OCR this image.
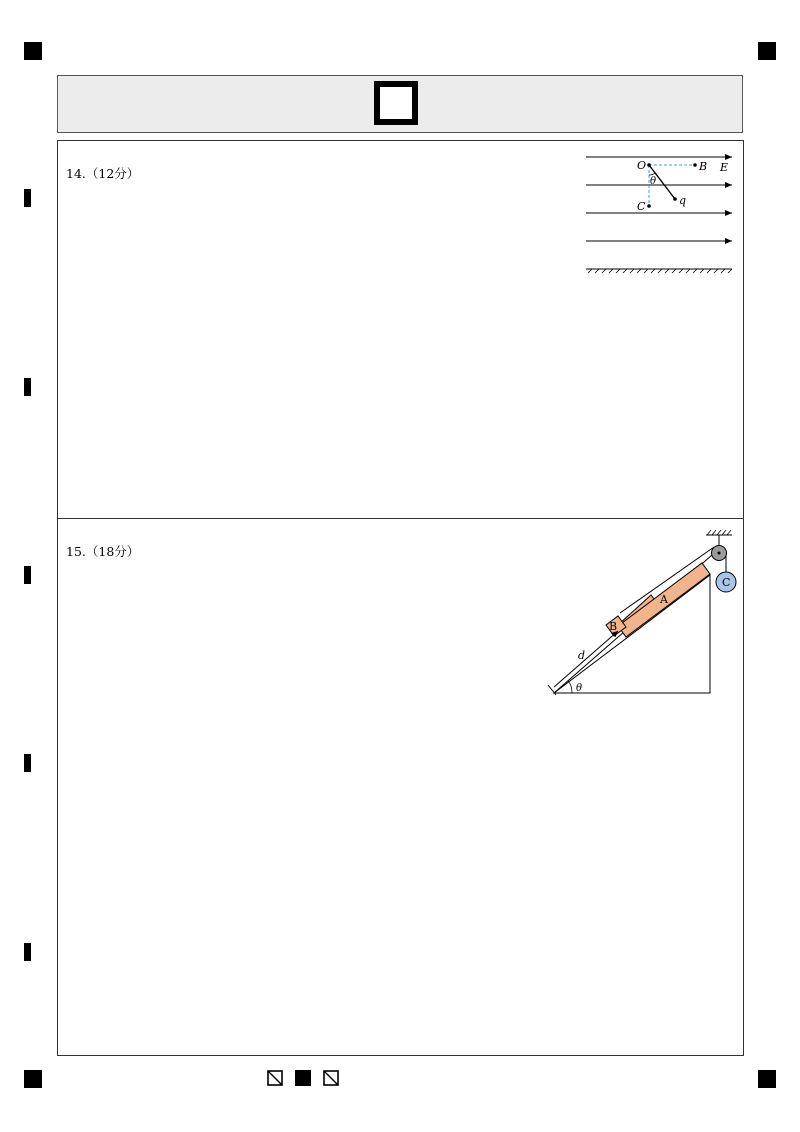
14.（12分）
O	B E
θ
C	q
15.（18分）
B
A
C
d
θ
